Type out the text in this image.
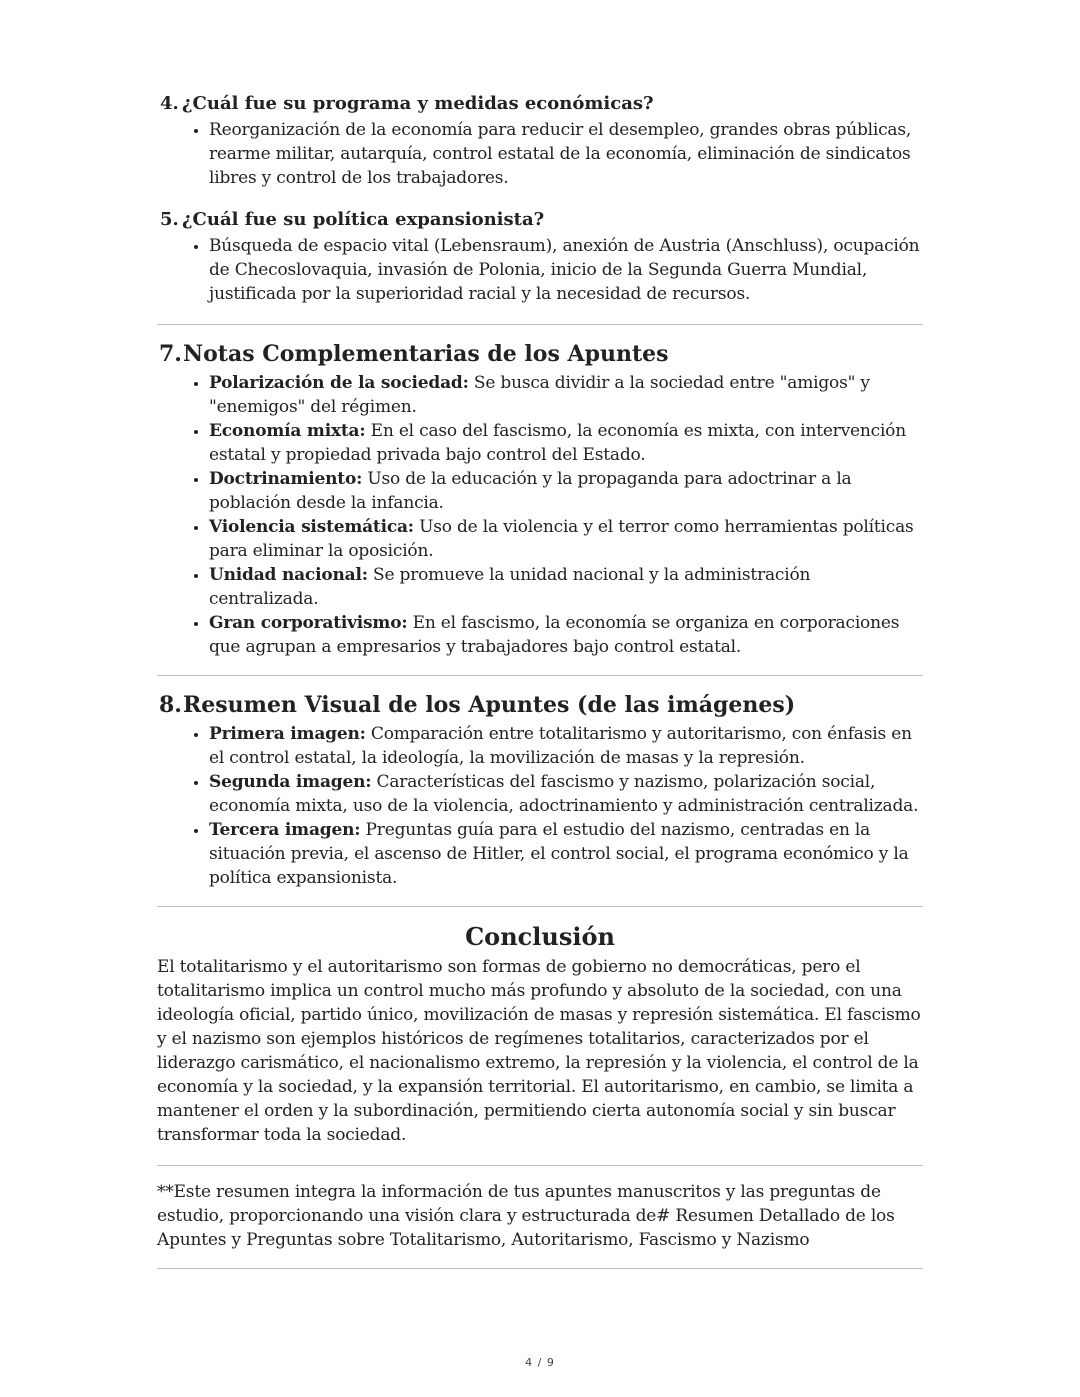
4. ¿Cuál fue su programa y medidas económicas?
• Reorganización de la economía para reducir el desempleo, grandes obras públicas, rearme militar, autarquía, control estatal de la economía, eliminación de sindicatos libres y control de los trabajadores.
5. ¿Cuál fue su política expansionista?
• Búsqueda de espacio vital (Lebensraum), anexión de Austria (Anschluss), ocupación de Checoslovaquia, invasión de Polonia, inicio de la Segunda Guerra Mundial, justificada por la superioridad racial y la necesidad de recursos.
7.Notas Complementarias de los Apuntes
• Polarización de la sociedad: Se busca dividir a la sociedad entre "amigos" y "enemigos" del régimen.
• Economía mixta: En el caso del fascismo, la economía es mixta, con intervención estatal y propiedad privada bajo control del Estado.
• Doctrinamiento: Uso de la educación y la propaganda para adoctrinar a la población desde la infancia.
• Violencia sistemática: Uso de la violencia y el terror como herramientas políticas para eliminar la oposición.
• Unidad nacional: Se promueve la unidad nacional y la administración centralizada.
• Gran corporativismo: En el fascismo, la economía se organiza en corporaciones que agrupan a empresarios y trabajadores bajo control estatal.
8.Resumen Visual de los Apuntes (de las imágenes)
• Primera imagen: Comparación entre totalitarismo y autoritarismo, con énfasis en el control estatal, la ideología, la movilización de masas y la represión.
• Segunda imagen: Características del fascismo y nazismo, polarización social, economía mixta, uso de la violencia, adoctrinamiento y administración centralizada.
• Tercera imagen: Preguntas guía para el estudio del nazismo, centradas en la situación previa, el ascenso de Hitler, el control social, el programa económico y la política expansionista.
Conclusión

El totalitarismo y el autoritarismo son formas de gobierno no democráticas, pero el totalitarismo implica un control mucho más profundo y absoluto de la sociedad, con una ideología oficial, partido único, movilización de masas y represión sistemática. El fascismo y el nazismo son ejemplos históricos de regímenes totalitarios, caracterizados por el liderazgo carismático, el nacionalismo extremo, la represión y la violencia, el control de la economía y la sociedad, y la expansión territorial. El autoritarismo, en cambio, se limita a mantener el orden y la subordinación, permitiendo cierta autonomía social y sin buscar transformar toda la sociedad.

**Este resumen integra la información de tus apuntes manuscritos y las preguntas de estudio, proporcionando una visión clara y estructurada de# Resumen Detallado de los Apuntes y Preguntas sobre Totalitarismo, Autoritarismo, Fascismo y Nazismo

4 / 9
